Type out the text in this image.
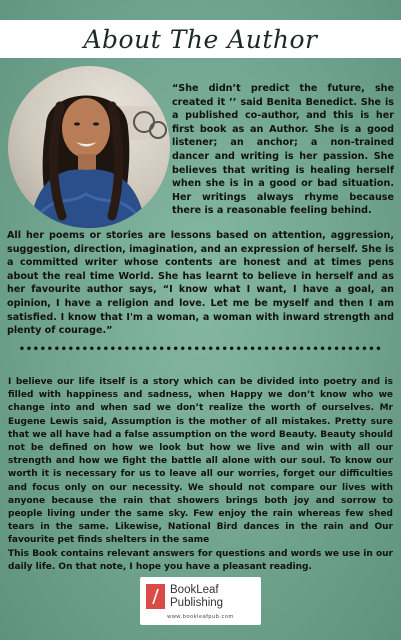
About The Author

“She didn’t predict the future, she created it ’’ said Benita Benedict. She is a published co-author, and this is her first book as an Author. She is a good listener; an anchor; a non-trained dancer and writing is her passion. She believes that writing is healing herself when she is in a good or bad situation. Her writings always rhyme because there is a reasonable feeling behind.

All her poems or stories are lessons based on attention, aggression, suggestion, direction, imagination, and an expression of herself. She is a committed writer whose contents are honest and at times pens about the real time World. She has learnt to believe in herself and as her favourite author says, “I know what I want, I have a goal, an opinion, I have a religion and love. Let me be myself and then I am satisfied. I know that I'm a woman, a woman with inward strength and plenty of courage.”

••••••••••••••••••••••••••••••••••••••••••••••••••••

I believe our life itself is a story which can be divided into poetry and is filled with happiness and sadness, when Happy we don’t know who we change into and when sad we don’t realize the worth of ourselves. Mr Eugene Lewis said, Assumption is the mother of all mistakes. Pretty sure that we all have had a false assumption on the word Beauty. Beauty should not be defined on how we look but how we live and win with all our strength and how we fight the battle all alone with our soul. To know our worth it is necessary for us to leave all our worries, forget our difficulties and focus only on our necessity. We should not compare our lives with anyone because the rain that showers brings both joy and sorrow to people living under the same sky. Few enjoy the rain whereas few shed tears in the same. Likewise, National Bird dances in the rain and Our favourite pet finds shelters in the same
This Book contains relevant answers for questions and words we use in our daily life. On that note, I hope you have a pleasant reading.

BookLeaf
Publishing
www.bookleafpub.com
